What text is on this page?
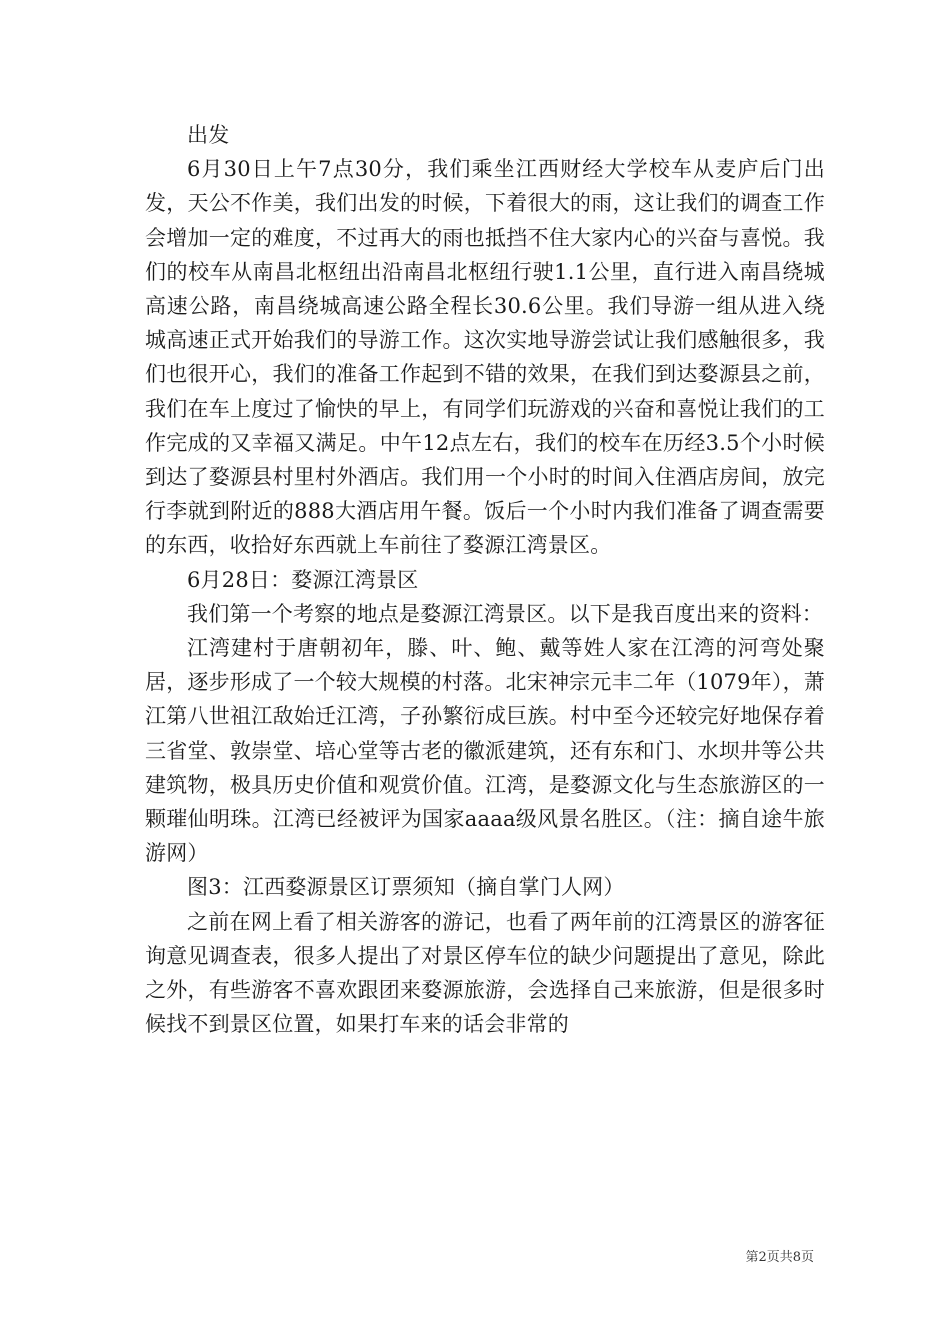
出发

6月30日上午7点30分，我们乘坐江西财经大学校车从麦庐后门出发，天公不作美，我们出发的时候，下着很大的雨，这让我们的调查工作会增加一定的难度，不过再大的雨也抵挡不住大家内心的兴奋与喜悦。我们的校车从南昌北枢纽出沿南昌北枢纽行驶1.1公里，直行进入南昌绕城高速公路，南昌绕城高速公路全程长30.6公里。我们导游一组从进入绕城高速正式开始我们的导游工作。这次实地导游尝试让我们感触很多，我们也很开心，我们的准备工作起到不错的效果，在我们到达婺源县之前，我们在车上度过了愉快的早上，有同学们玩游戏的兴奋和喜悦让我们的工作完成的又幸福又满足。中午12点左右，我们的校车在历经3.5个小时候到达了婺源县村里村外酒店。我们用一个小时的时间入住酒店房间，放完行李就到附近的888大酒店用午餐。饭后一个小时内我们准备了调查需要的东西，收拾好东西就上车前往了婺源江湾景区。

6月28日：婺源江湾景区

我们第一个考察的地点是婺源江湾景区。以下是我百度出来的资料：

江湾建村于唐朝初年，滕、叶、鲍、戴等姓人家在江湾的河弯处聚居，逐步形成了一个较大规模的村落。北宋神宗元丰二年（1079年），萧江第八世祖江敌始迁江湾，子孙繁衍成巨族。村中至今还较完好地保存着三省堂、敦崇堂、培心堂等古老的徽派建筑，还有东和门、水坝井等公共建筑物，极具历史价值和观赏价值。江湾，是婺源文化与生态旅游区的一颗璀仙明珠。江湾已经被评为国家aaaa级风景名胜区。（注：摘自途牛旅游网）

图3：江西婺源景区订票须知（摘自掌门人网）

之前在网上看了相关游客的游记，也看了两年前的江湾景区的游客征询意见调查表，很多人提出了对景区停车位的缺少问题提出了意见，除此之外，有些游客不喜欢跟团来婺源旅游，会选择自己来旅游，但是很多时候找不到景区位置，如果打车来的话会非常的

第2页共8页
